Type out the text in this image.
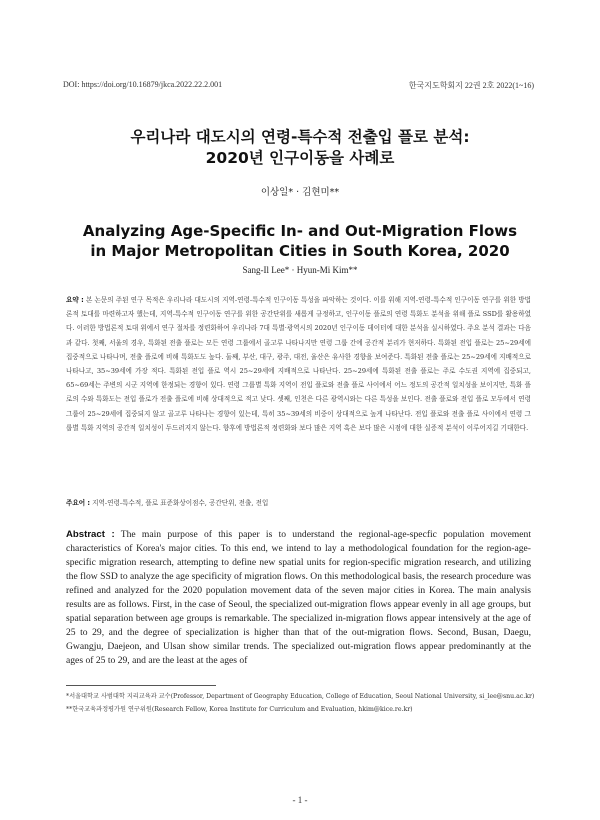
DOI: https://doi.org/10.16879/jkca.2022.22.2.001	한국지도학회지 22권 2호 2022(1~16)
우리나라 대도시의 연령-특수적 전출입 플로 분석:
2020년 인구이동을 사례로
이상일* · 김현미**
Analyzing Age-Specific In- and Out-Migration Flows
in Major Metropolitan Cities in South Korea, 2020
Sang-Il Lee* · Hyun-Mi Kim**
요약 : 본 논문의 주된 연구 목적은 우리나라 대도시의 지역-연령-특수적 인구이동 특성을 파악하는 것이다. 이를 위해 지역-연령-특수적 인구이동 연구를 위한 방법론적 토대를 마련하고자 했는데, 지역-특수적 인구이동 연구를 위한 공간단위를 새롭게 규정하고, 인구이동 플로의 연령 특화도 분석을 위해 플로 SSD를 활용하였다. 이러한 방법론적 토대 위에서 연구 절차를 정련화하여 우리나라 7대 특별·광역시의 2020년 인구이동 데이터에 대한 분석을 실시하였다. 주요 분석 결과는 다음과 같다. 첫째, 서울의 경우, 특화된 전출 플로는 모든 연령 그룹에서 골고루 나타나지만 연령 그룹 간에 공간적 분리가 현저하다. 특화된 전입 플로는 25~29세에 집중적으로 나타나며, 전출 플로에 비해 특화도도 높다. 둘째, 부산, 대구, 광주, 대전, 울산은 유사한 경향을 보여준다. 특화된 전출 플로는 25~29세에 지배적으로 나타나고, 35~39세에 가장 적다. 특화된 전입 플로 역시 25~29세에 지배적으로 나타난다. 25~29세에 특화된 전출 플로는 주로 수도권 지역에 집중되고, 65~69세는 주변의 시군 지역에 한정되는 경향이 있다. 연령 그룹별 특화 지역이 전입 플로와 전출 플로 사이에서 어느 정도의 공간적 일치성을 보이지만, 특화 플로의 수와 특화도는 전입 플로가 전출 플로에 비해 상대적으로 적고 낮다. 셋째, 인천은 다른 광역시와는 다른 특성을 보인다. 전출 플로와 전입 플로 모두에서 연령 그룹이 25~29세에 집중되지 않고 골고루 나타나는 경향이 있는데, 특히 35~39세의 비중이 상대적으로 높게 나타난다. 전입 플로와 전출 플로 사이에서 연령 그룹별 특화 지역의 공간적 일치성이 두드러지지 않는다. 향후에 방법론적 정련화와 보다 많은 지역 혹은 보다 많은 시점에 대한 실증적 분석이 이루어지길 기대한다.
주요어 : 지역-연령-특수적, 플로 표준화상이점수, 공간단위, 전출, 전입
Abstract : The main purpose of this paper is to understand the regional-age-specfic population movement characteristics of Korea's major cities. To this end, we intend to lay a methodological foundation for the region-age-specific migration research, attempting to define new spatial units for region-specific migration research, and utilizing the flow SSD to analyze the age specificity of migration flows. On this methodological basis, the research procedure was refined and analyzed for the 2020 population movement data of the seven major cities in Korea. The main analysis results are as follows. First, in the case of Seoul, the specialized out-migration flows appear evenly in all age groups, but spatial separation between age groups is remarkable. The specialized in-migration flows appear intensively at the age of 25 to 29, and the degree of specialization is higher than that of the out-migration flows. Second, Busan, Daegu, Gwangju, Daejeon, and Ulsan show similar trends. The specialized out-migration flows appear predominantly at the ages of 25 to 29, and are the least at the ages of
*서울대학교 사범대학 지리교육과 교수(Professor, Department of Geography Education, College of Education, Seoul National University, si_lee@snu.ac.kr)
**한국교육과정평가원 연구위원(Research Fellow, Korea Institute for Curriculum and Evaluation, hkim@kice.re.kr)
- 1 -
